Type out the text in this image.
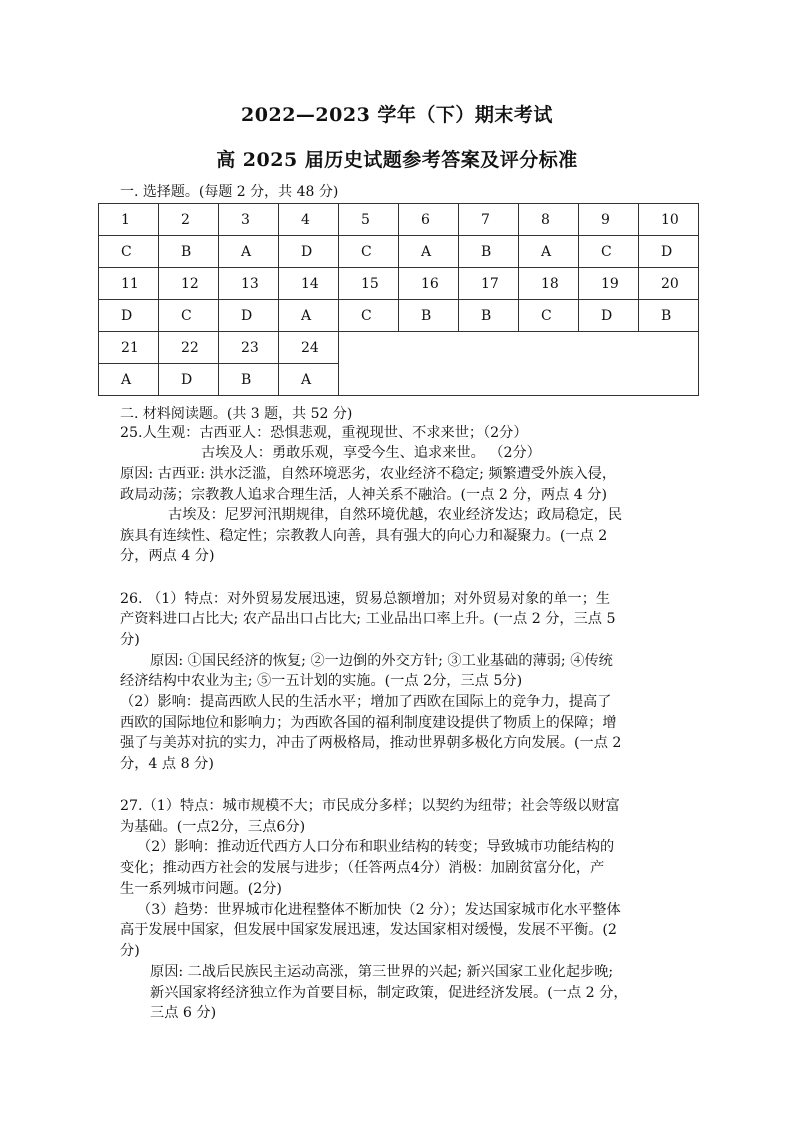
2022—2023 学年（下）期末考试
高 2025 届历史试题参考答案及评分标准
一. 选择题。(每题 2 分，共 48 分)
1	2	3	4	5	6	7	8	9	10
C	B	A	D	C	A	B	A	C	D
11	12	13	14	15	16	17	18	19	20
D	C	D	A	C	B	B	C	D	B
21	22	23	24						
A	D	B	A						
二. 材料阅读题。(共 3 题，共 52 分)
25.人生观：古西亚人：恐惧悲观，重视现世、不求来世；（2分）
古埃及人：勇敢乐观，享受今生、追求来世。 （2分）
原因: 古西亚: 洪水泛滥，自然环境恶劣，农业经济不稳定; 频繁遭受外族入侵，
政局动荡；宗教教人追求合理生活，人神关系不融洽。(一点 2 分，两点 4 分)
古埃及：尼罗河汛期规律，自然环境优越，农业经济发达；政局稳定，民
族具有连续性、稳定性；宗教教人向善，具有强大的向心力和凝聚力。(一点 2
分，两点 4 分)
26. （1）特点：对外贸易发展迅速，贸易总额增加；对外贸易对象的单一；生
产资料进口占比大; 农产品出口占比大; 工业品出口率上升。(一点 2 分，三点 5
分)
原因: ①国民经济的恢复; ②一边倒的外交方针; ③工业基础的薄弱; ④传统
经济结构中农业为主; ⑤一五计划的实施。(一点 2分，三点 5分)
（2）影响：提高西欧人民的生活水平；增加了西欧在国际上的竞争力，提高了
西欧的国际地位和影响力；为西欧各国的福利制度建设提供了物质上的保障；增
强了与美苏对抗的实力，冲击了两极格局，推动世界朝多极化方向发展。(一点 2
分，4 点 8 分)
27.（1）特点：城市规模不大；市民成分多样；以契约为纽带；社会等级以财富
为基础。(一点2分，三点6分)
（2）影响：推动近代西方人口分布和职业结构的转变；导致城市功能结构的
变化；推动西方社会的发展与进步；（任答两点4分）消极：加剧贫富分化，产
生一系列城市问题。(2分)
（3）趋势：世界城市化进程整体不断加快（2 分）；发达国家城市化水平整体
高于发展中国家，但发展中国家发展迅速，发达国家相对缓慢，发展不平衡。(2
分)
原因: 二战后民族民主运动高涨，第三世界的兴起; 新兴国家工业化起步晚;
新兴国家将经济独立作为首要目标，制定政策，促进经济发展。(一点 2 分，
三点 6 分)
